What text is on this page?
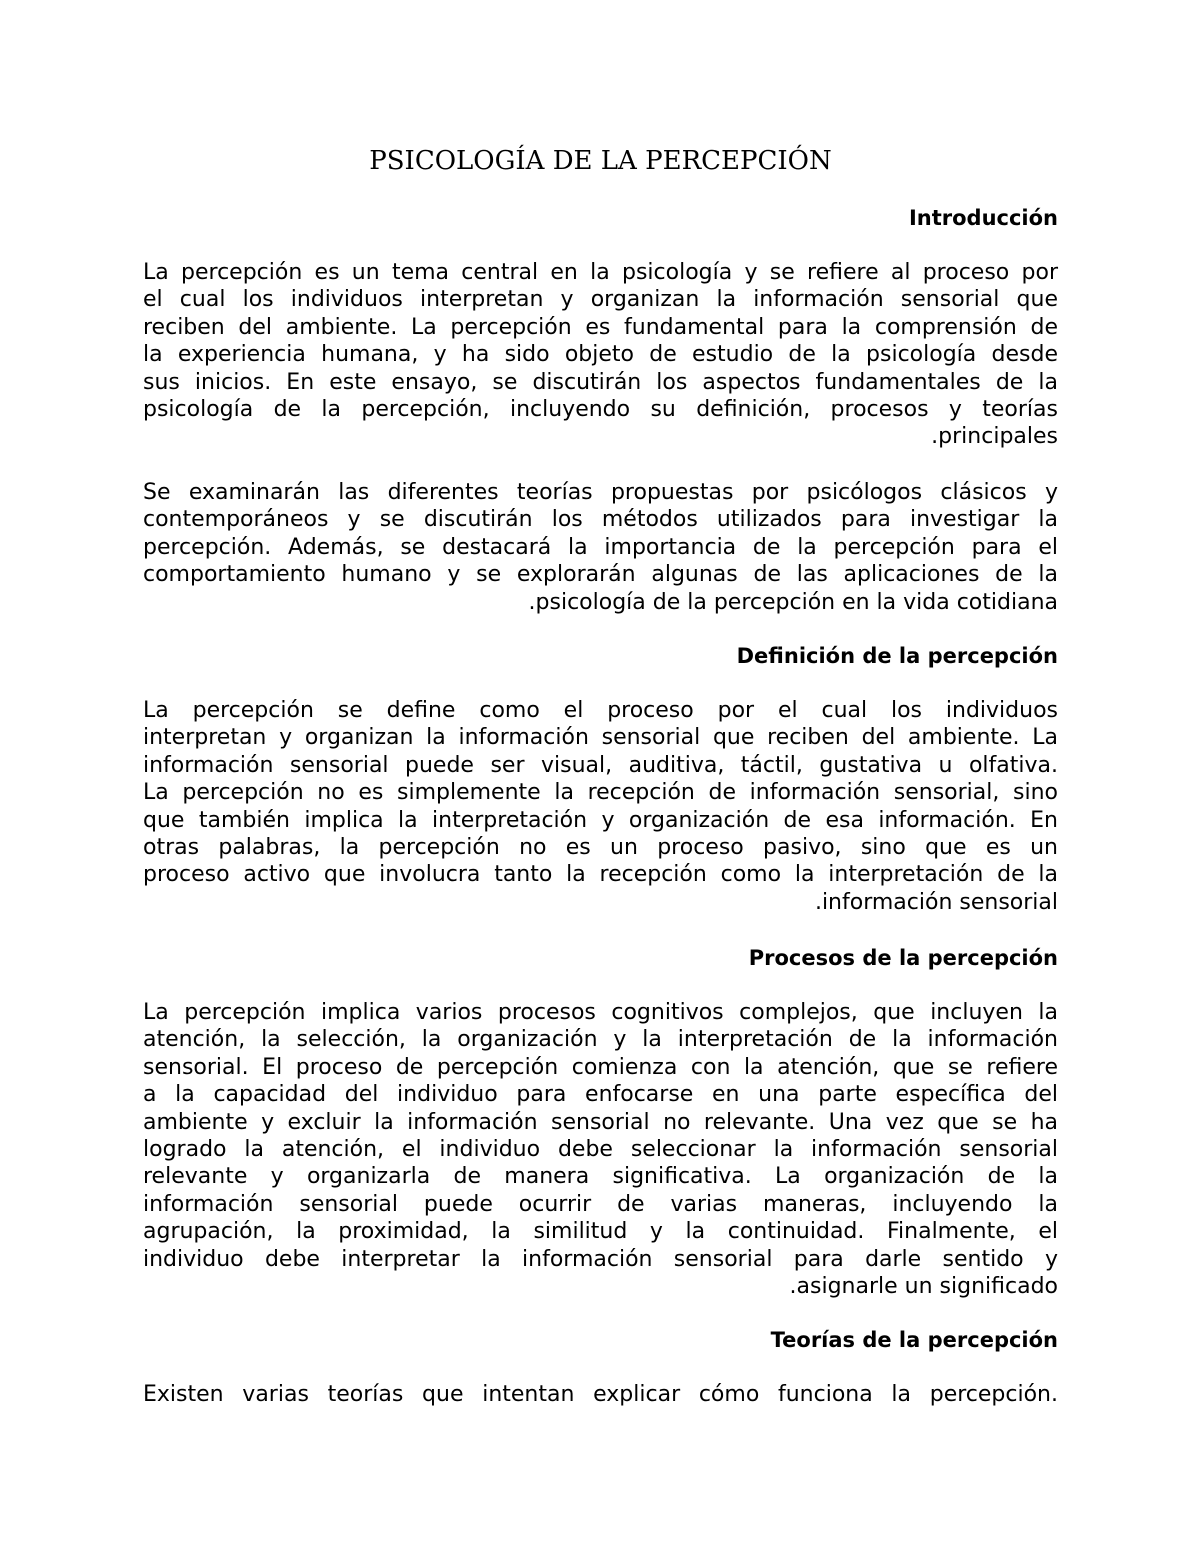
PSICOLOGÍA DE LA PERCEPCIÓN
Introducción
La percepción es un tema central en la psicología y se refiere al proceso por
el cual los individuos interpretan y organizan la información sensorial que
reciben del ambiente. La percepción es fundamental para la comprensión de
la experiencia humana, y ha sido objeto de estudio de la psicología desde
sus inicios. En este ensayo, se discutirán los aspectos fundamentales de la
psicología de la percepción, incluyendo su definición, procesos y teorías
.principales
Se examinarán las diferentes teorías propuestas por psicólogos clásicos y
contemporáneos y se discutirán los métodos utilizados para investigar la
percepción. Además, se destacará la importancia de la percepción para el
comportamiento humano y se explorarán algunas de las aplicaciones de la
.psicología de la percepción en la vida cotidiana
Definición de la percepción
La percepción se define como el proceso por el cual los individuos
interpretan y organizan la información sensorial que reciben del ambiente. La
información sensorial puede ser visual, auditiva, táctil, gustativa u olfativa.
La percepción no es simplemente la recepción de información sensorial, sino
que también implica la interpretación y organización de esa información. En
otras palabras, la percepción no es un proceso pasivo, sino que es un
proceso activo que involucra tanto la recepción como la interpretación de la
.información sensorial
Procesos de la percepción
La percepción implica varios procesos cognitivos complejos, que incluyen la
atención, la selección, la organización y la interpretación de la información
sensorial. El proceso de percepción comienza con la atención, que se refiere
a la capacidad del individuo para enfocarse en una parte específica del
ambiente y excluir la información sensorial no relevante. Una vez que se ha
logrado la atención, el individuo debe seleccionar la información sensorial
relevante y organizarla de manera significativa. La organización de la
información sensorial puede ocurrir de varias maneras, incluyendo la
agrupación, la proximidad, la similitud y la continuidad. Finalmente, el
individuo debe interpretar la información sensorial para darle sentido y
.asignarle un significado
Teorías de la percepción
Existen varias teorías que intentan explicar cómo funciona la percepción.
